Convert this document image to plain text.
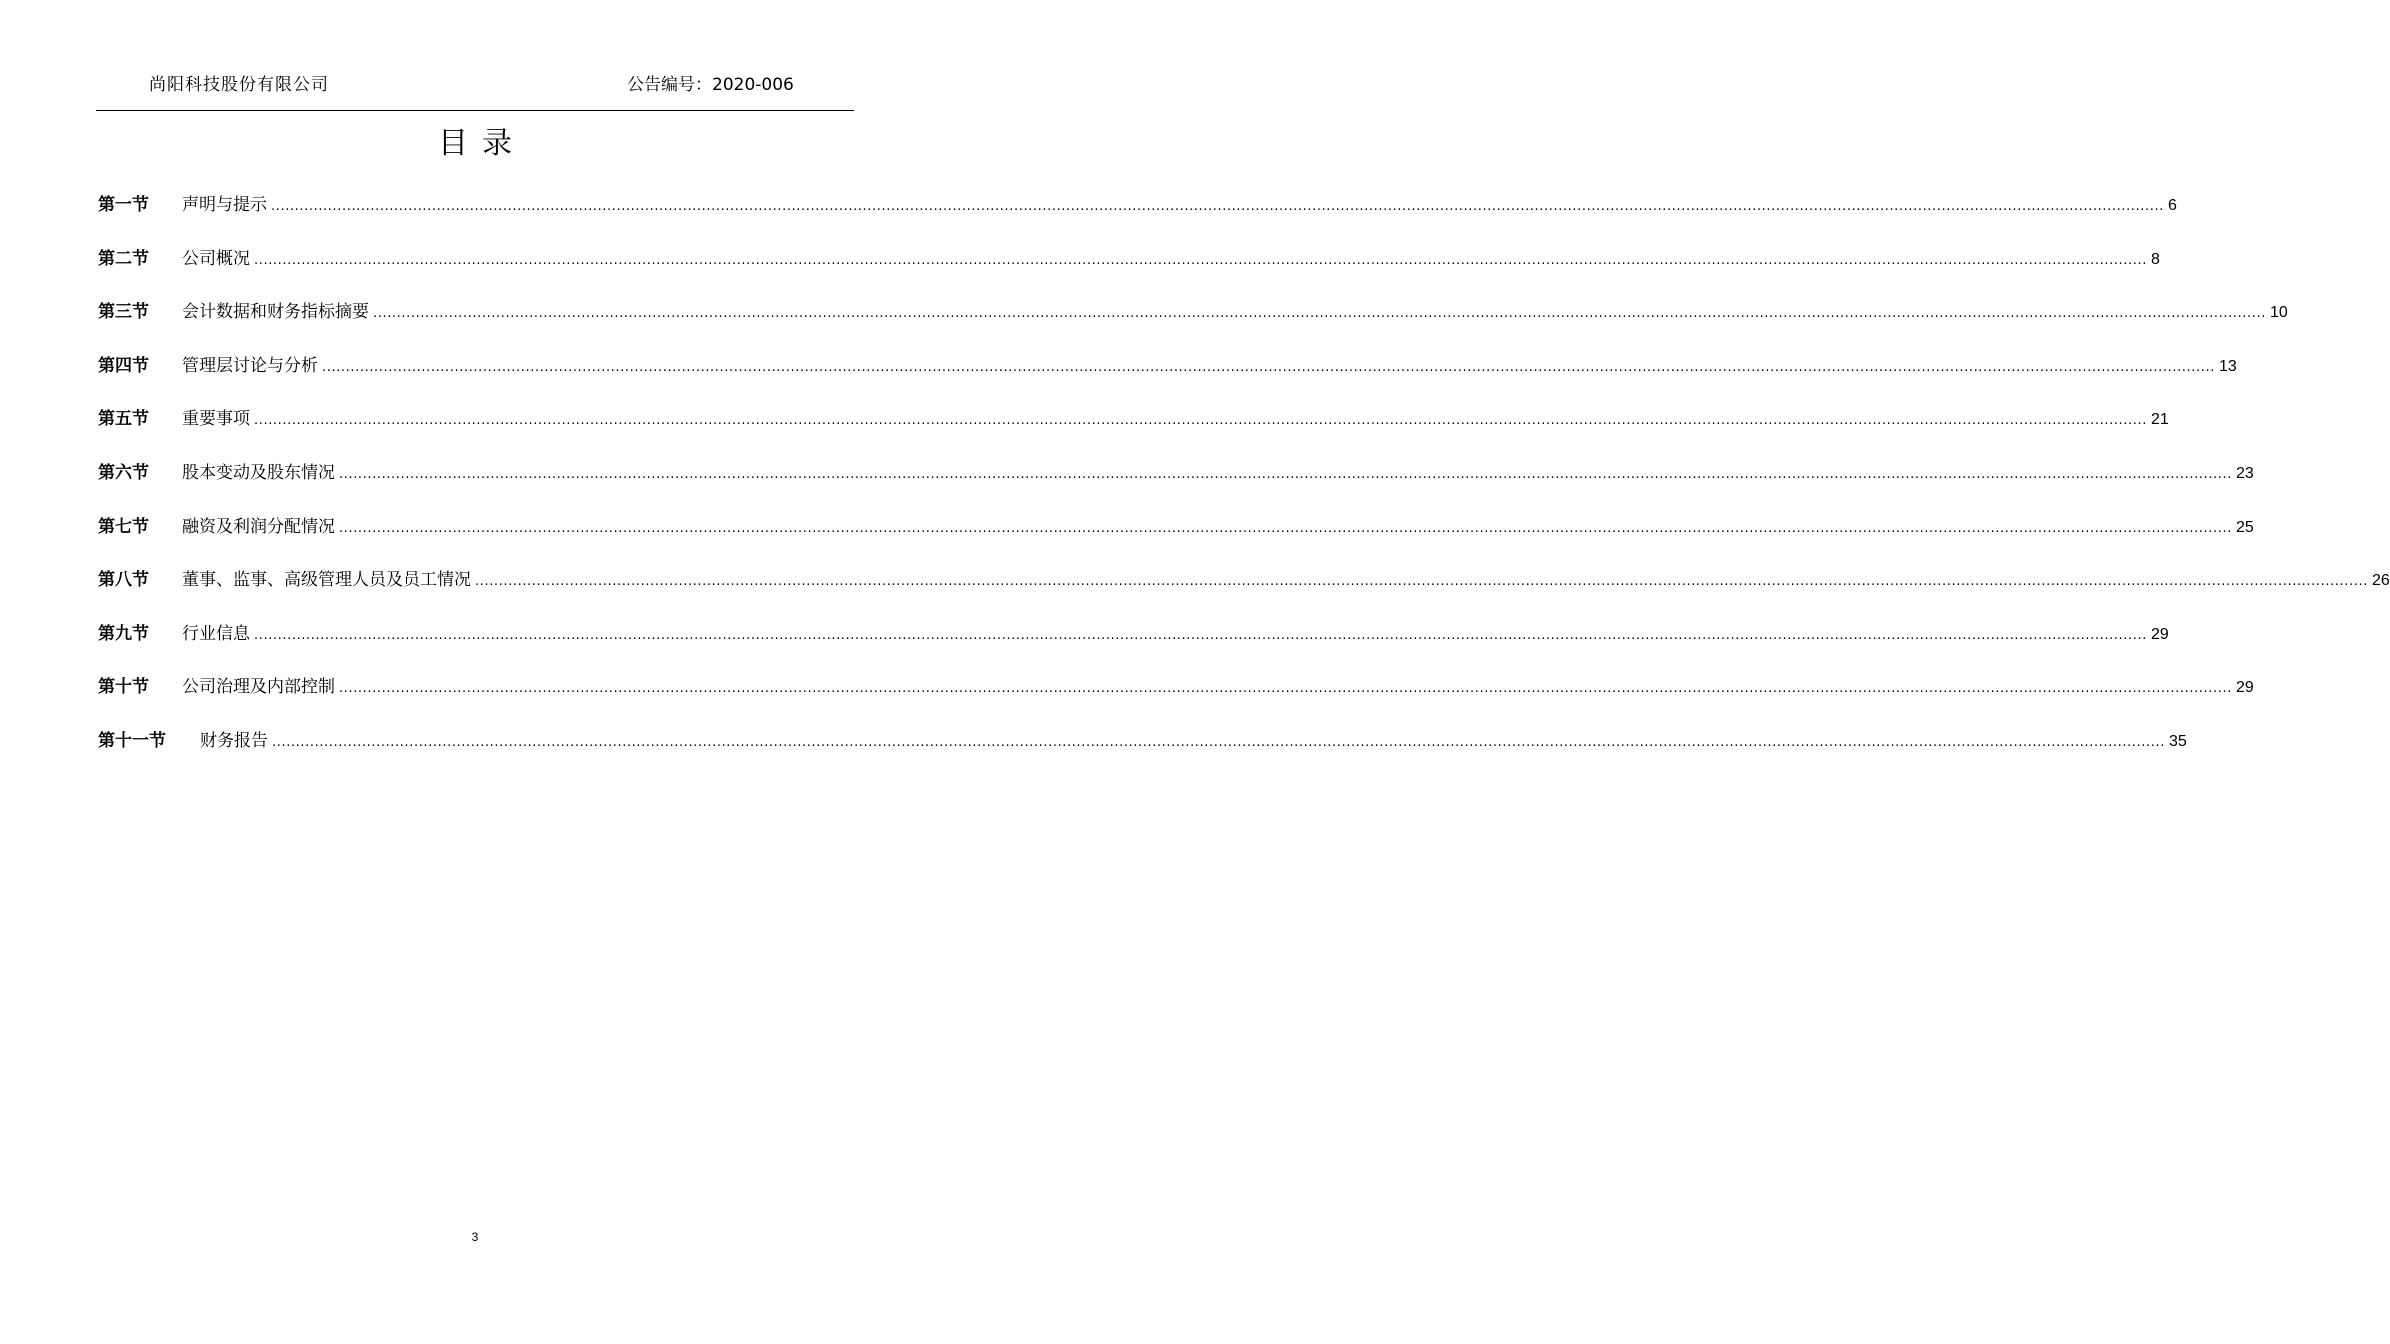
尚阳科技股份有限公司	公告编号：2020-006
目录
第一节	声明与提示 ................................................................................................................................................................................................................................................................................................................................................................................................................ 6
第二节	公司概况 ................................................................................................................................................................................................................................................................................................................................................................................................................ 8
第三节	会计数据和财务指标摘要 ................................................................................................................................................................................................................................................................................................................................................................................................................ 10
第四节	管理层讨论与分析 ................................................................................................................................................................................................................................................................................................................................................................................................................ 13
第五节	重要事项 ................................................................................................................................................................................................................................................................................................................................................................................................................ 21
第六节	股本变动及股东情况 ................................................................................................................................................................................................................................................................................................................................................................................................................ 23
第七节	融资及利润分配情况 ................................................................................................................................................................................................................................................................................................................................................................................................................ 25
第八节	董事、监事、高级管理人员及员工情况 ................................................................................................................................................................................................................................................................................................................................................................................................................ 26
第九节	行业信息 ................................................................................................................................................................................................................................................................................................................................................................................................................ 29
第十节	公司治理及内部控制 ................................................................................................................................................................................................................................................................................................................................................................................................................ 29
第十一节	财务报告 ................................................................................................................................................................................................................................................................................................................................................................................................................ 35
3
